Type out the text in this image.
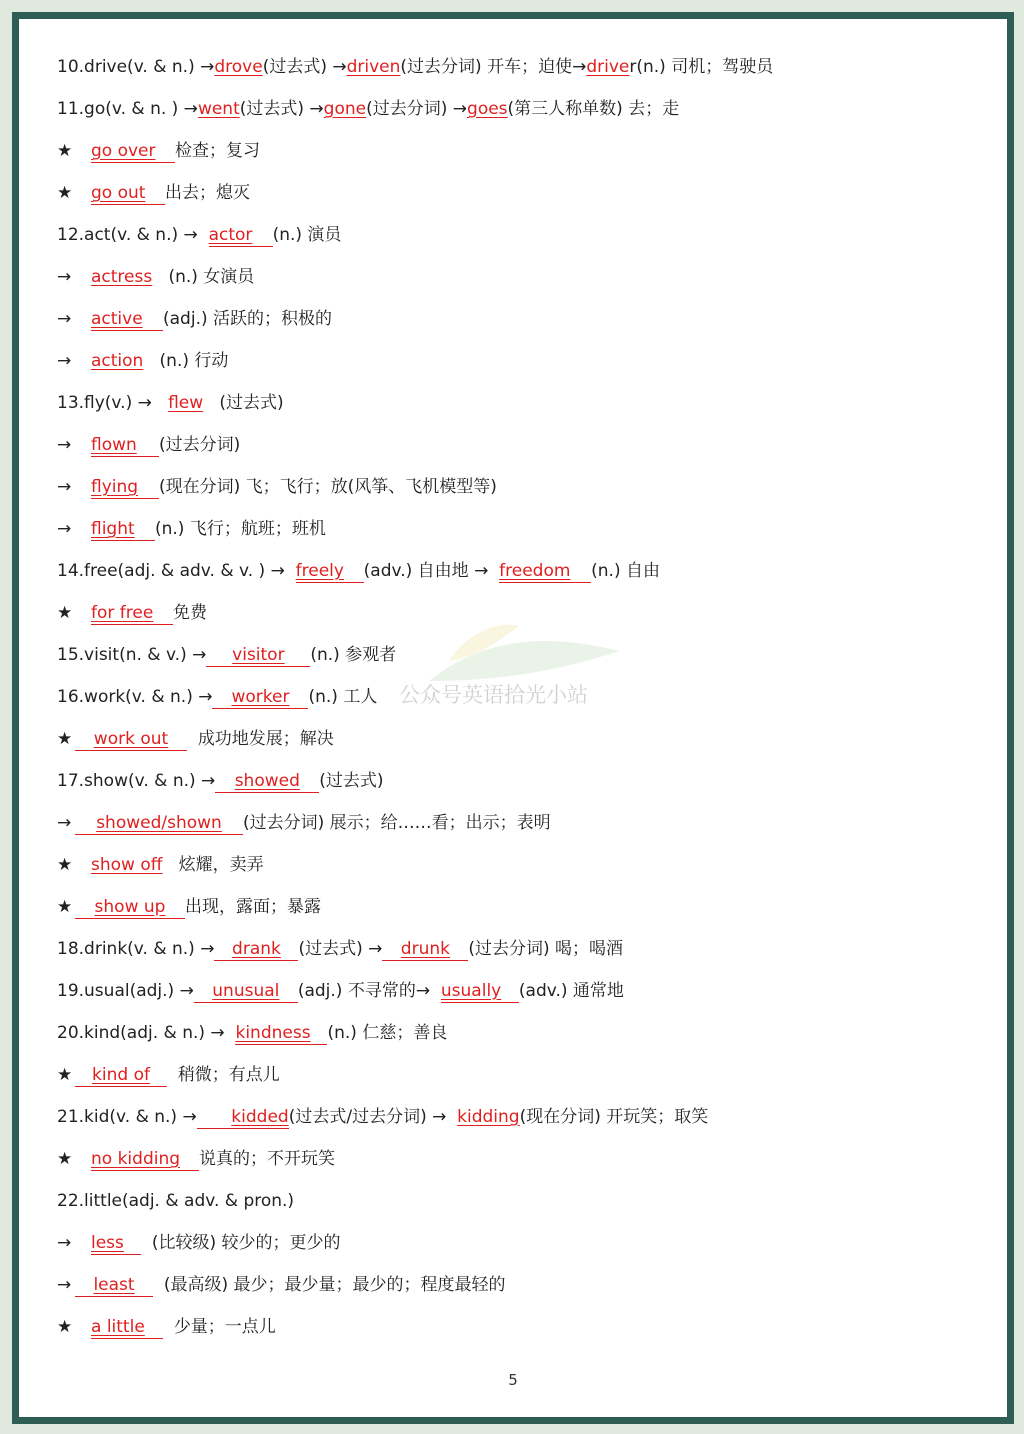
公众号英语拾光小站
10.drive(v. & n.) →drove(过去式) →driven(过去分词) 开车；迫使→driver(n.) 司机；驾驶员
11.go(v. & n. ) →went(过去式) →gone(过去分词) →goes(第三人称单数) 去；走
★ go over 检查；复习
★ go out 出去；熄灭
12.act(v. & n.) → actor (n.) 演员
→ actress (n.) 女演员
→ active (adj.) 活跃的；积极的
→ action (n.) 行动
13.fly(v.) → flew (过去式)
→ flown (过去分词)
→ flying (现在分词) 飞；飞行；放(风筝、飞机模型等)
→ flight (n.) 飞行；航班；班机
14.free(adj. & adv. & v. ) → freely (adv.) 自由地 → freedom (n.) 自由
★ for free 免费
15.visit(n. & v.) → visitor (n.) 参观者
16.work(v. & n.) → worker (n.) 工人
★ work out 成功地发展；解决
17.show(v. & n.) → showed (过去式)
→ showed/shown (过去分词) 展示；给……看；出示；表明
★ show off 炫耀，卖弄
★ show up 出现，露面；暴露
18.drink(v. & n.) → drank (过去式) → drunk (过去分词) 喝；喝酒
19.usual(adj.) → unusual (adj.) 不寻常的→ usually (adv.) 通常地
20.kind(adj. & n.) → kindness (n.) 仁慈；善良
★ kind of 稍微；有点儿
21.kid(v. & n.) → kidded(过去式/过去分词) → kidding(现在分词) 开玩笑；取笑
★ no kidding 说真的；不开玩笑
22.little(adj. & adv. & pron.)
→ less (比较级) 较少的；更少的
→ least (最高级) 最少；最少量；最少的；程度最轻的
★ a little 少量；一点儿
5
